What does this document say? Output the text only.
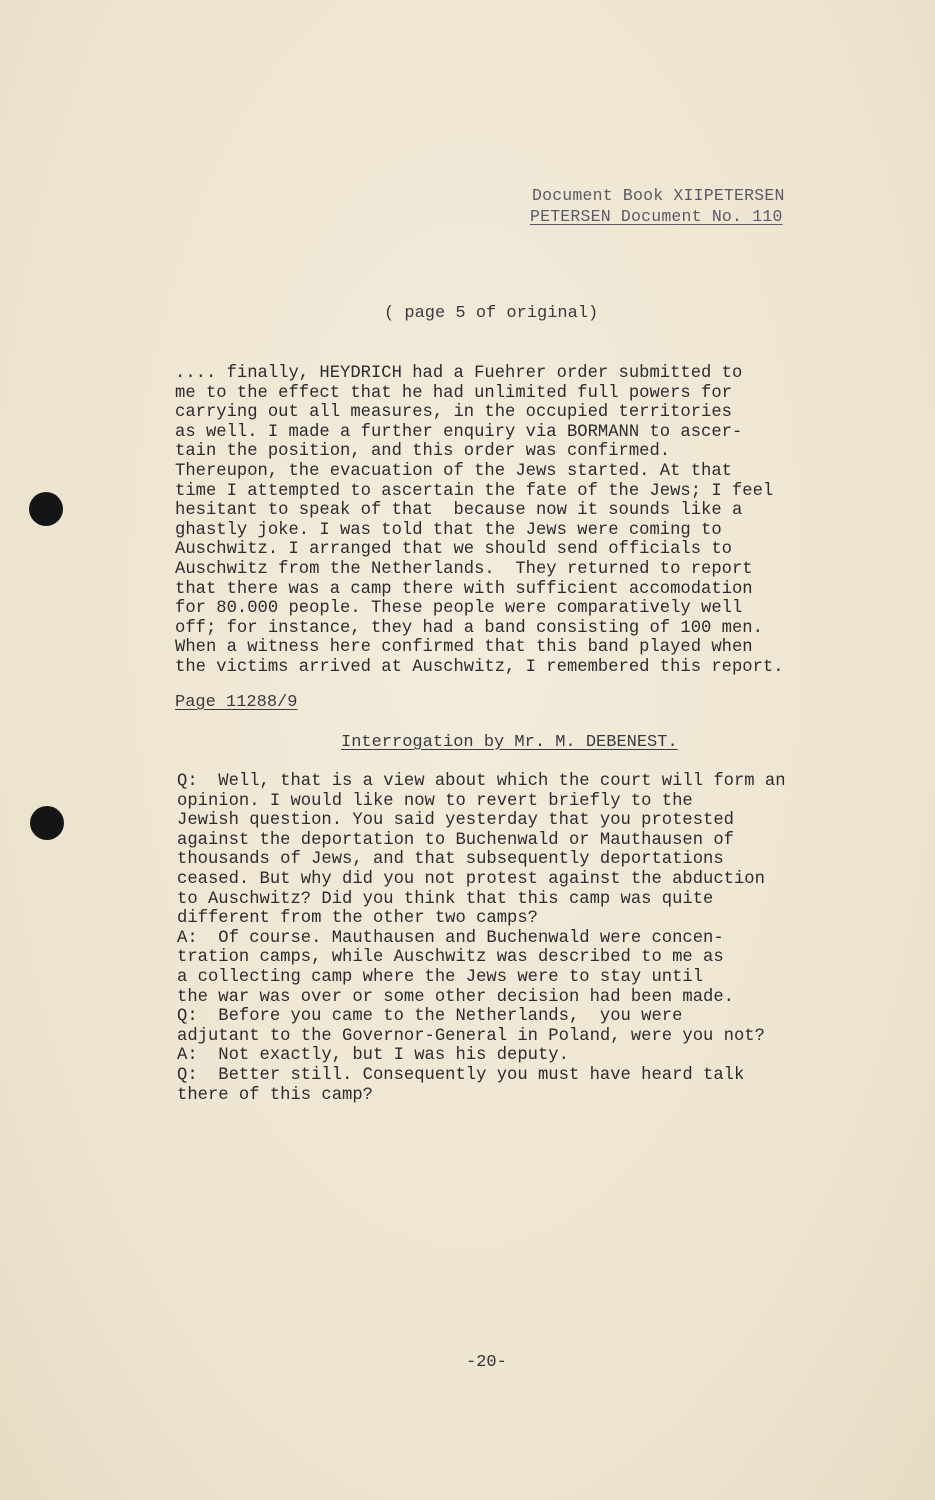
Document Book XIIPETERSEN
PETERSEN Document No. 110
( page 5 of original)
.... finally, HEYDRICH had a Fuehrer order submitted to
me to the effect that he had unlimited full powers for
carrying out all measures, in the occupied territories
as well. I made a further enquiry via BORMANN to ascer-
tain the position, and this order was confirmed.
Thereupon, the evacuation of the Jews started. At that
time I attempted to ascertain the fate of the Jews; I feel
hesitant to speak of that  because now it sounds like a
ghastly joke. I was told that the Jews were coming to
Auschwitz. I arranged that we should send officials to
Auschwitz from the Netherlands.  They returned to report
that there was a camp there with sufficient accomodation
for 80.000 people. These people were comparatively well
off; for instance, they had a band consisting of 100 men.
When a witness here confirmed that this band played when
the victims arrived at Auschwitz, I remembered this report.
Page 11288/9
Interrogation by Mr. M. DEBENEST.
Q:  Well, that is a view about which the court will form an
opinion. I would like now to revert briefly to the
Jewish question. You said yesterday that you protested
against the deportation to Buchenwald or Mauthausen of
thousands of Jews, and that subsequently deportations
ceased. But why did you not protest against the abduction
to Auschwitz? Did you think that this camp was quite
different from the other two camps?
A:  Of course. Mauthausen and Buchenwald were concen-
tration camps, while Auschwitz was described to me as
a collecting camp where the Jews were to stay until
the war was over or some other decision had been made.
Q:  Before you came to the Netherlands,  you were
adjutant to the Governor-General in Poland, were you not?
A:  Not exactly, but I was his deputy.
Q:  Better still. Consequently you must have heard talk
there of this camp?
-20-
